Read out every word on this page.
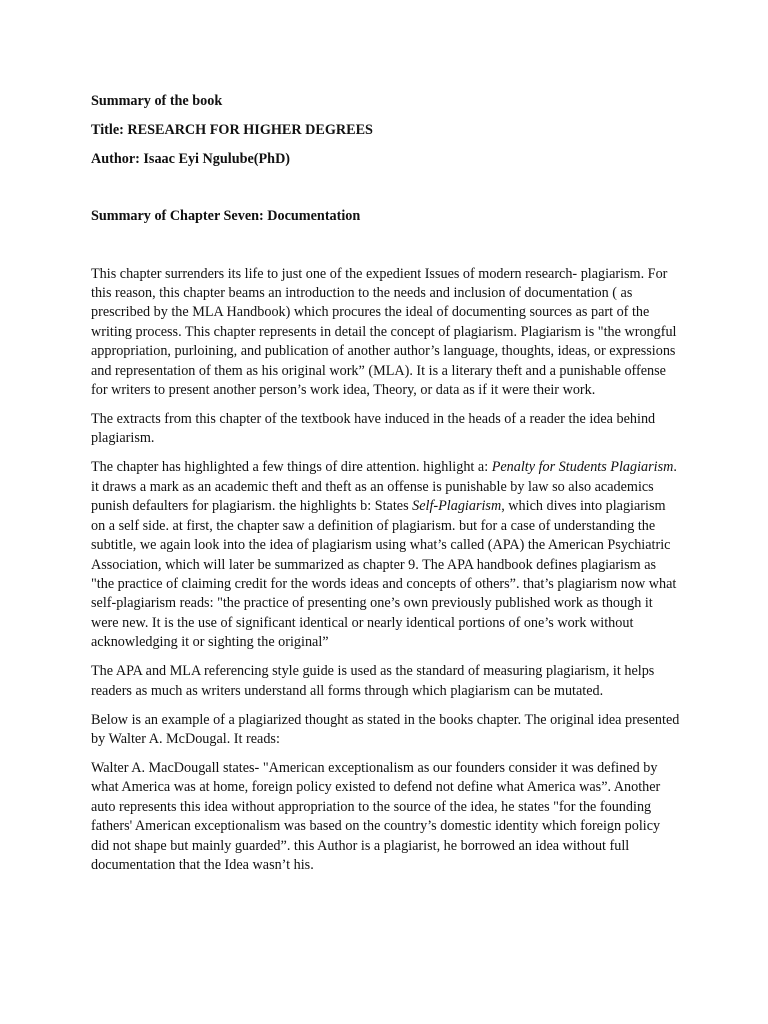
Summary of the book

Title: RESEARCH FOR HIGHER DEGREES

Author: Isaac Eyi Ngulube(PhD)

Summary of Chapter Seven: Documentation

This chapter surrenders its life to just one of the expedient Issues of modern research- plagiarism. For this reason, this chapter beams an introduction to the needs and inclusion of documentation ( as prescribed by the MLA Handbook) which procures the ideal of documenting sources as part of the writing process. This chapter represents in detail the concept of plagiarism. Plagiarism is "the wrongful appropriation, purloining, and publication of another author’s language, thoughts, ideas, or expressions and representation of them as his original work” (MLA). It is a literary theft and a punishable offense for writers to present another person’s work idea, Theory, or data as if it were their work.

The extracts from this chapter of the textbook have induced in the heads of a reader the idea behind plagiarism.

The chapter has highlighted a few things of dire attention. highlight a: Penalty for Students Plagiarism. it draws a mark as an academic theft and theft as an offense is punishable by law so also academics punish defaulters for plagiarism. the highlights b: States Self-Plagiarism, which dives into plagiarism on a self side. at first, the chapter saw a definition of plagiarism. but for a case of understanding the subtitle, we again look into the idea of plagiarism using what’s called (APA) the American Psychiatric Association, which will later be summarized as chapter 9. The APA handbook defines plagiarism as "the practice of claiming credit for the words ideas and concepts of others”. that’s plagiarism now what self-plagiarism reads: "the practice of presenting one’s own previously published work as though it were new. It is the use of significant identical or nearly identical portions of one’s work without acknowledging it or sighting the original”

The APA and MLA referencing style guide is used as the standard of measuring plagiarism, it helps readers as much as writers understand all forms through which plagiarism can be mutated.

Below is an example of a plagiarized thought as stated in the books chapter. The original idea presented by Walter A. McDougal. It reads:

Walter A. MacDougall states- "American exceptionalism as our founders consider it was defined by what America was at home, foreign policy existed to defend not define what America was”. Another auto represents this idea without appropriation to the source of the idea, he states "for the founding fathers' American exceptionalism was based on the country’s domestic identity which foreign policy did not shape but mainly guarded”. this Author is a plagiarist, he borrowed an idea without full documentation that the Idea wasn’t his.
